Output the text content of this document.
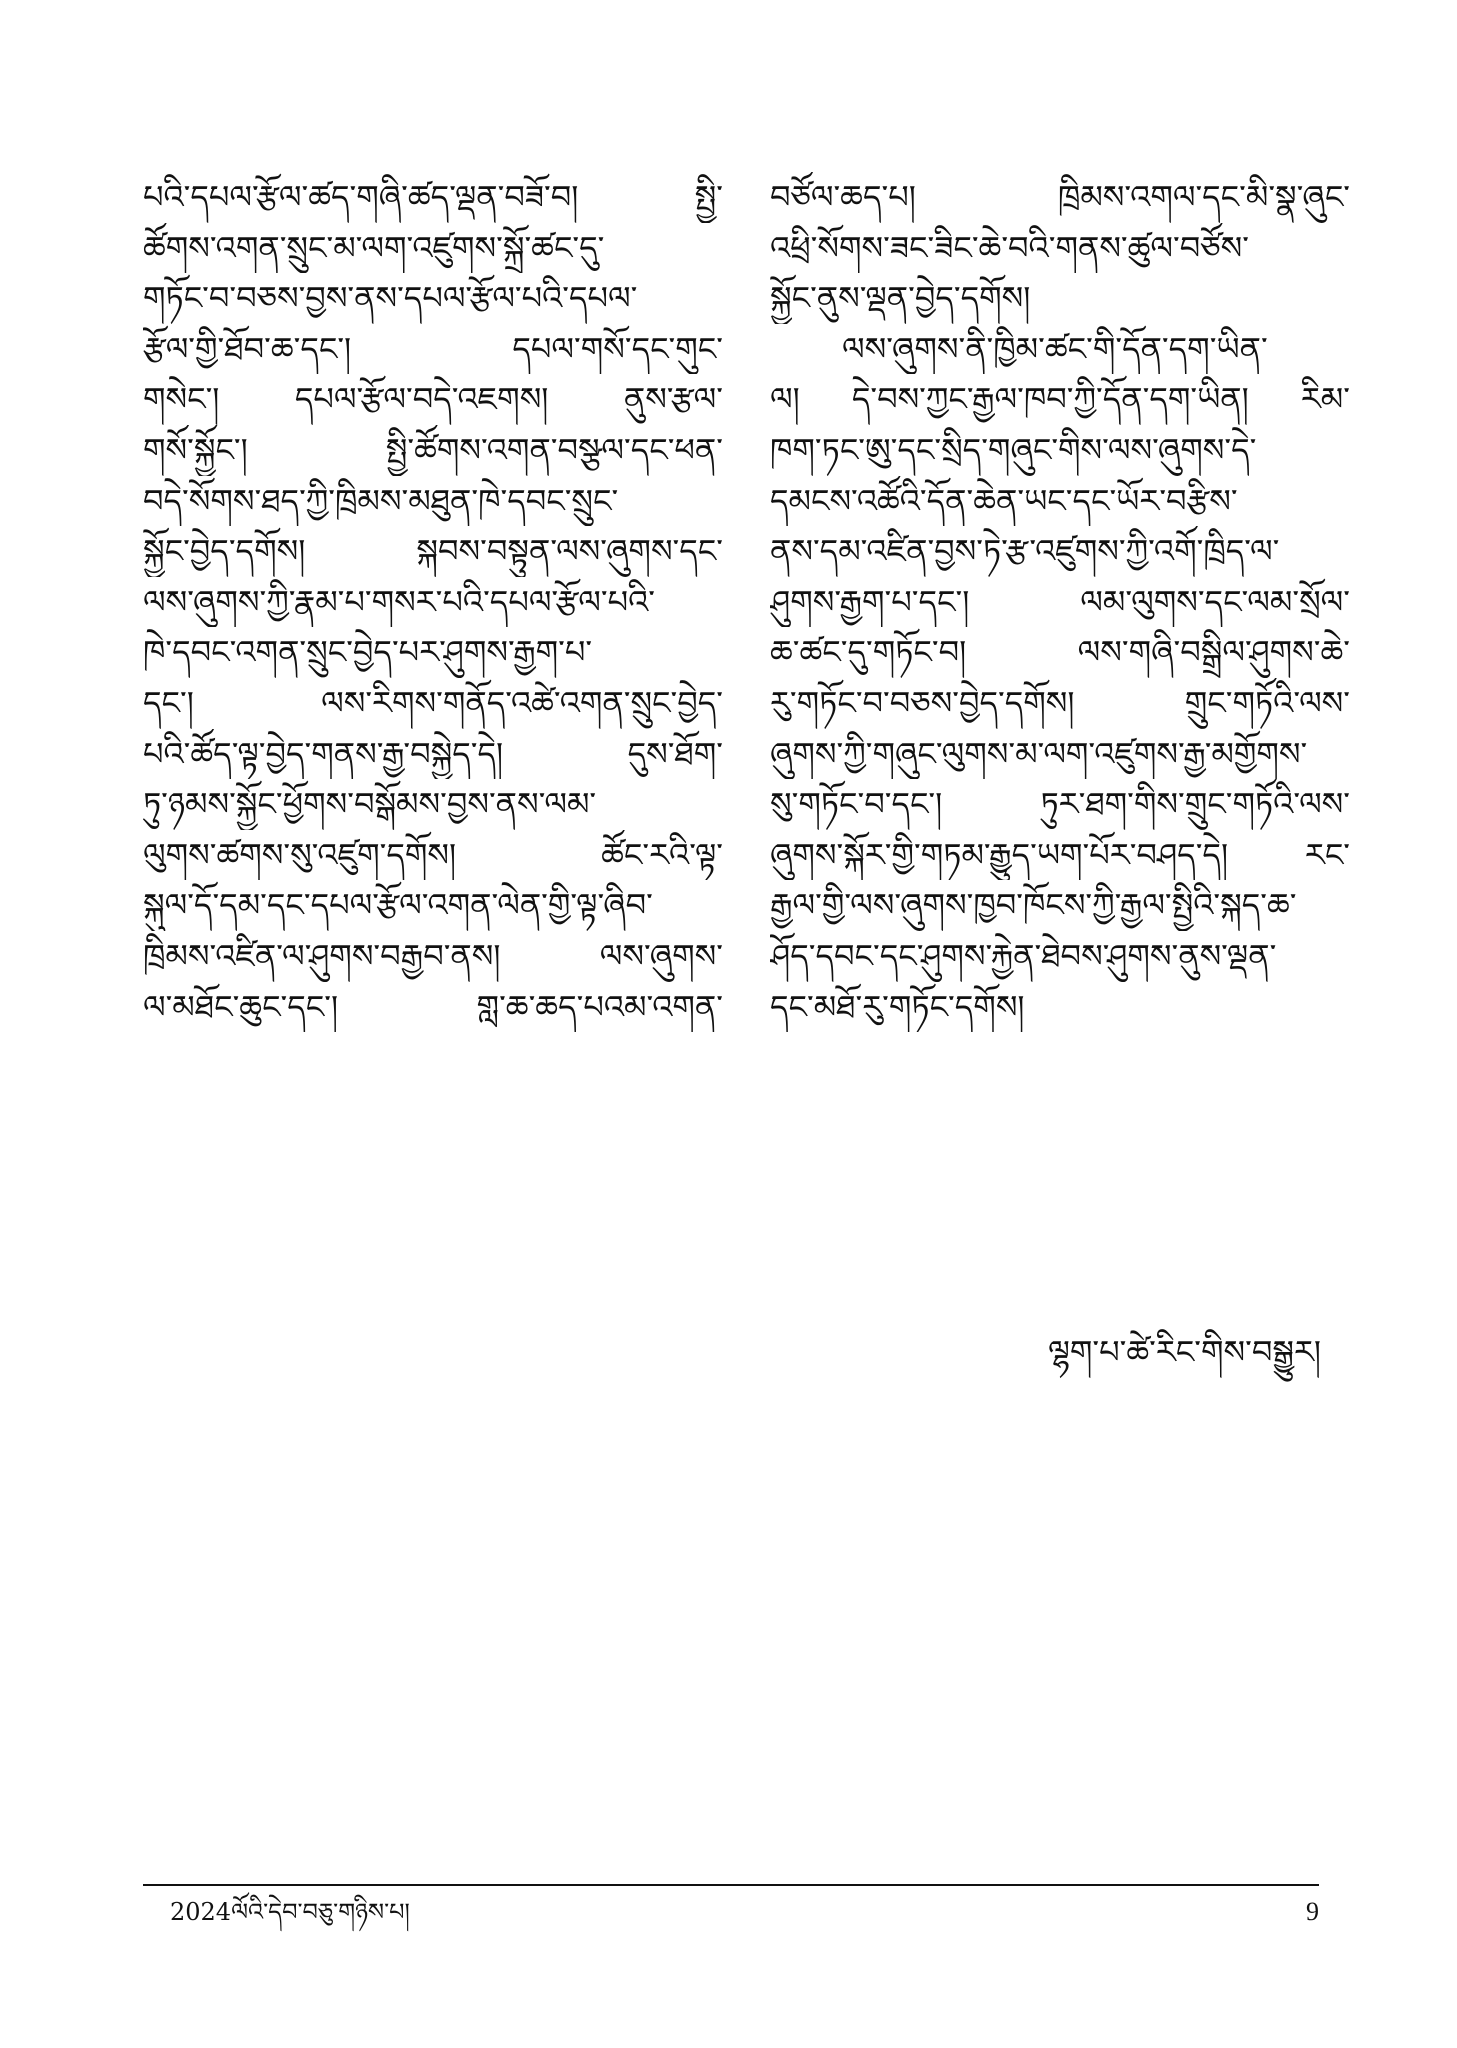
པའི་དཔལ་རྩོལ་ཚད་གཞི་ཚད་ལྡན་བཟོ་བ། སྤྱི་
ཚོགས་འགན་སྲུང་མ་ལག་འཛུགས་སྐྲོ་ཚང་དུ་
གཏོང་བ་བཅས་བྱས་ནས་དཔལ་རྩོལ་པའི་དཔལ་
རྩོལ་གྱི་ཐོབ་ཆ་དང་། དཔལ་གསོ་དང་གུང་
གསེང་། དཔལ་རྩོལ་བདེ་འཇགས། ནུས་རྩལ་
གསོ་སྐྱོང་། སྤྱི་ཚོགས་འགན་བསྩལ་དང་ཕན་
བདེ་སོགས་ཐད་ཀྱི་ཁྲིམས་མཐུན་ཁེ་དབང་སྲུང་
སྐྱོང་བྱེད་དགོས། སྐབས་བསྟུན་ལས་ཞུགས་དང་
ལས་ཞུགས་ཀྱི་རྣམ་པ་གསར་པའི་དཔལ་རྩོལ་པའི་
ཁེ་དབང་འགན་སྲུང་བྱེད་པར་ཤུགས་རྒྱག་པ་
དང་། ལས་རིགས་གནོད་འཚེ་འགན་སྲུང་བྱེད་
པའི་ཚོད་ལྟ་བྱེད་གནས་རྒྱ་བསྐྱེད་དེ། དུས་ཐོག་
ཏུ་ཉམས་སྐྱོང་ཕྱོགས་བསྒོམས་བྱས་ནས་ལམ་
ལུགས་ཚགས་སུ་འཛུག་དགོས། ཚོང་རའི་ལྟ་
སྐུལ་དོ་དམ་དང་དཔལ་རྩོལ་འགན་ལེན་གྱི་ལྟ་ཞིབ་
ཁྲིམས་འཛིན་ལ་ཤུགས་བརྒྱབ་ནས། ལས་ཞུགས་
ལ་མཐོང་ཆུང་དང་། གླ་ཆ་ཆད་པའམ་འགན་
བཙོལ་ཆད་པ། ཁྲིམས་འགལ་དང་མི་སྣ་ཞུང་
འཕྲི་སོགས་ཟང་ཟིང་ཆེ་བའི་གནས་ཚུལ་བཙོས་
སྐྱོང་ནུས་ལྡན་བྱེད་དགོས།
ལས་ཞུགས་ནི་ཁྱིམ་ཚང་གི་དོན་དག་ཡིན་
ལ། དེ་བས་ཀྱང་རྒྱལ་ཁབ་ཀྱི་དོན་དག་ཡིན། རིམ་
ཁག་ཏང་ཨུ་དང་སྲིད་གཞུང་གིས་ལས་ཞུགས་དེ་
དམངས་འཚོའི་དོན་ཆེན་ཡང་དང་ཡོར་བརྩིས་
ནས་དམ་འཛིན་བྱས་ཏེ་རྩ་འཛུགས་ཀྱི་འགོ་ཁྲིད་ལ་
ཤུགས་རྒྱག་པ་དང་། ལམ་ལུགས་དང་ལམ་སྲོལ་
ཆ་ཚང་དུ་གཏོང་བ། ལས་གཞི་བསྒྲིལ་ཤུགས་ཆེ་
རུ་གཏོང་བ་བཅས་བྱེད་དགོས། གྲུང་གཏོའི་ལས་
ཞུགས་ཀྱི་གཞུང་ལུགས་མ་ལག་འཛུགས་རྒྱ་མགྱོགས་
སུ་གཏོང་བ་དང་། ཏུར་ཐག་གིས་གྲུང་གཏོའི་ལས་
ཞུགས་སྐོར་གྱི་གཏམ་རྒྱུད་ཡག་པོར་བཤད་དེ། རང་
རྒྱལ་གྱི་ལས་ཞུགས་ཁྱབ་ཁོངས་ཀྱི་རྒྱལ་སྤྱིའི་སྐད་ཆ་
ཤོད་དབང་དང་ཤུགས་རྐྱེན་ཐེབས་ཤུགས་ནུས་ལྡན་
དང་མཐོ་རུ་གཏོང་དགོས།
ལྷག་པ་ཚེ་རིང་གིས་བསྒྱུར།
2024ལོའི་དེབ་བཅུ་གཉིས་པ།	9
